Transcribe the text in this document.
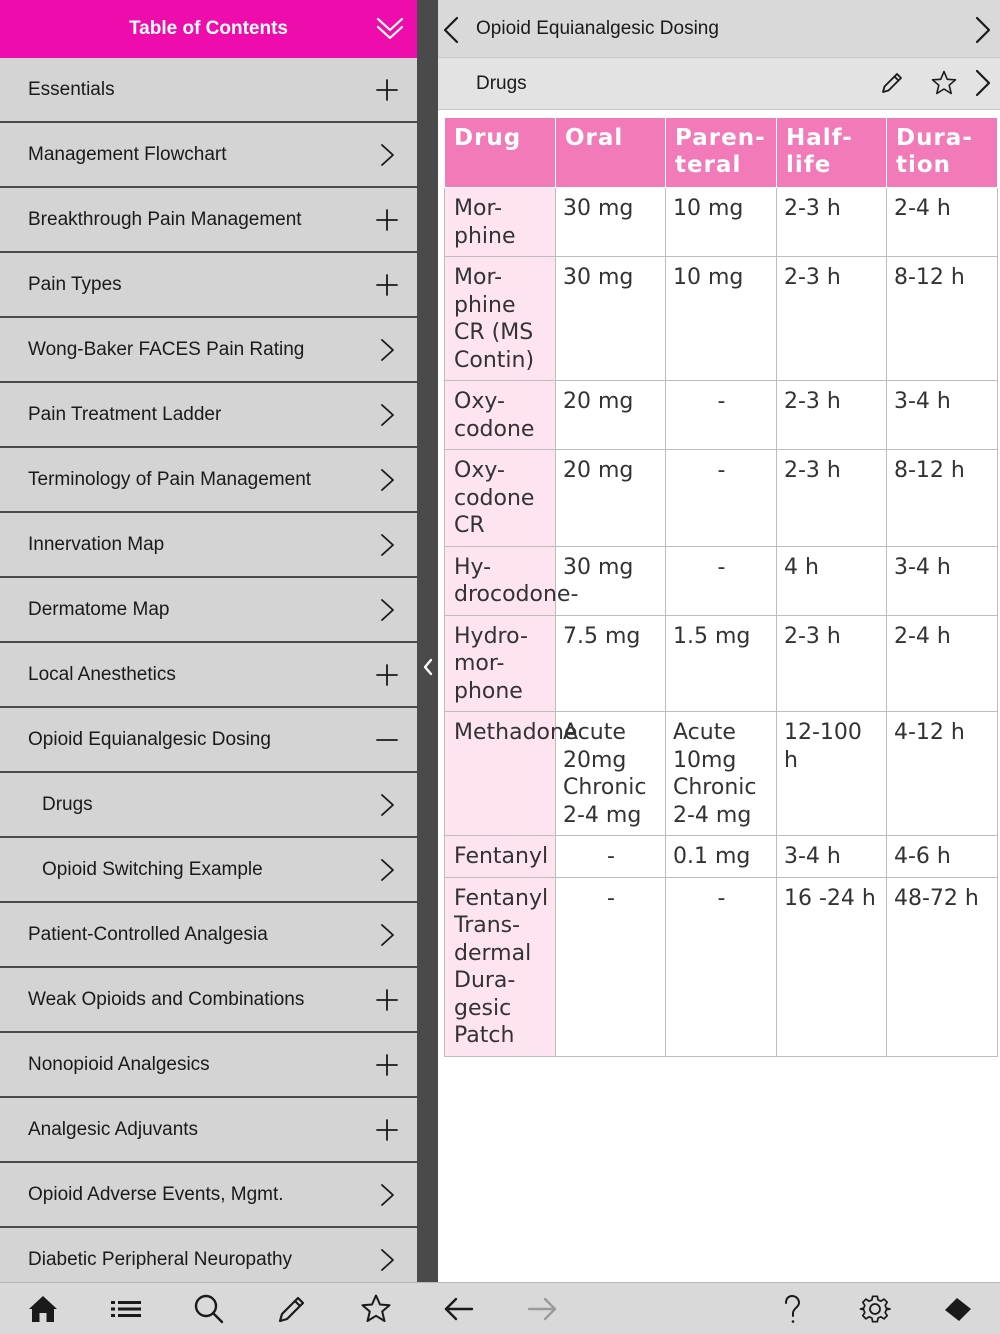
Table of Contents
Essentials
Management Flowchart
Breakthrough Pain Management
Pain Types
Wong-Baker FACES Pain Rating
Pain Treatment Ladder
Terminology of Pain Management
Innervation Map
Dermatome Map
Local Anesthetics
Opioid Equianalgesic Dosing
Drugs
Opioid Switching Example
Patient-Controlled Analgesia
Weak Opioids and Combinations
Nonopioid Analgesics
Analgesic Adjuvants
Opioid Adverse Events, Mgmt.
Diabetic Peripheral Neuropathy
Opioid Equianalgesic Dosing
Drugs
Drug	Oral	Paren-teral	Half-life	Dura-tion
Mor-phine	30 mg	10 mg	2-3 h	2-4 h
Mor-phine CR (MS Contin)	30 mg	10 mg	2-3 h	8-12 h
Oxy-codone	20 mg	-	2-3 h	3-4 h
Oxy-codone CR	20 mg	-	2-3 h	8-12 h
Hy-drocodone-	30 mg	-	4 h	3-4 h
Hydro-mor-phone	7.5 mg	1.5 mg	2-3 h	2-4 h
Methadone	Acute 20mg Chronic 2-4 mg	Acute 10mg Chronic 2-4 mg	12-100 h	4-12 h
Fentanyl	-	0.1 mg	3-4 h	4-6 h
Fentanyl Trans-dermal Dura-gesic Patch	-	-	16 -24 h	48-72 h
